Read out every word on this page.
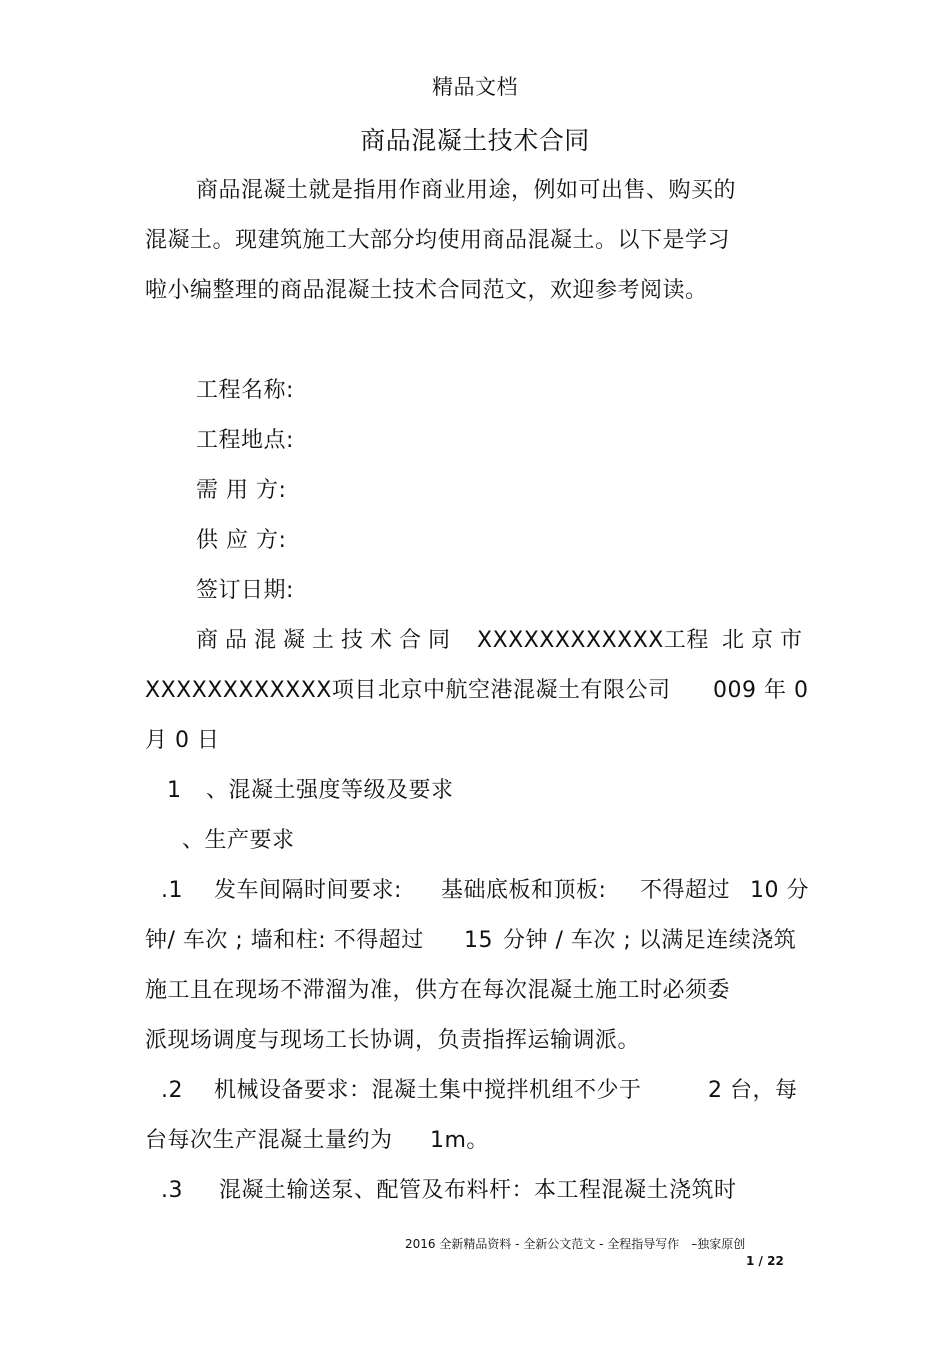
精品文档
商品混凝土技术合同
商品混凝土就是指用作商业用途，例如可出售、购买的
混凝土。现建筑施工大部分均使用商品混凝土。以下是学习
啦小编整理的商品混凝土技术合同范文，欢迎参考阅读。
工程名称:
工程地点:
需 用 方:
供 应 方:
签订日期:
商品混凝土技术合同 XXXXXXXXXXXX工程 北京市
XXXXXXXXXXXX项目 北京中航空港混凝土有限公司 009 年 0
月 0 日
1 、混凝土强度等级及要求
、生产要求
.1 发车间隔时间要求: 基础底板和顶板: 不得超过 10 分
钟/ 车次 ; 墙和柱: 不得超过 15 分钟 / 车次 ; 以满足连续浇筑
施工且在现场不滞溜为准，供方在每次混凝土施工时必须委
派现场调度与现场工长协调，负责指挥运输调派。
.2 机械设备要求：混凝土集中搅拌机组不少于	2 台，每
台每次生产混凝土量约为 1m。
.3 混凝土输送泵、配管及布料杆：本工程混凝土浇筑时
2016 全新精品资料 - 全新公文范文 - 全程指导写作　–独家原创
1 / 22
